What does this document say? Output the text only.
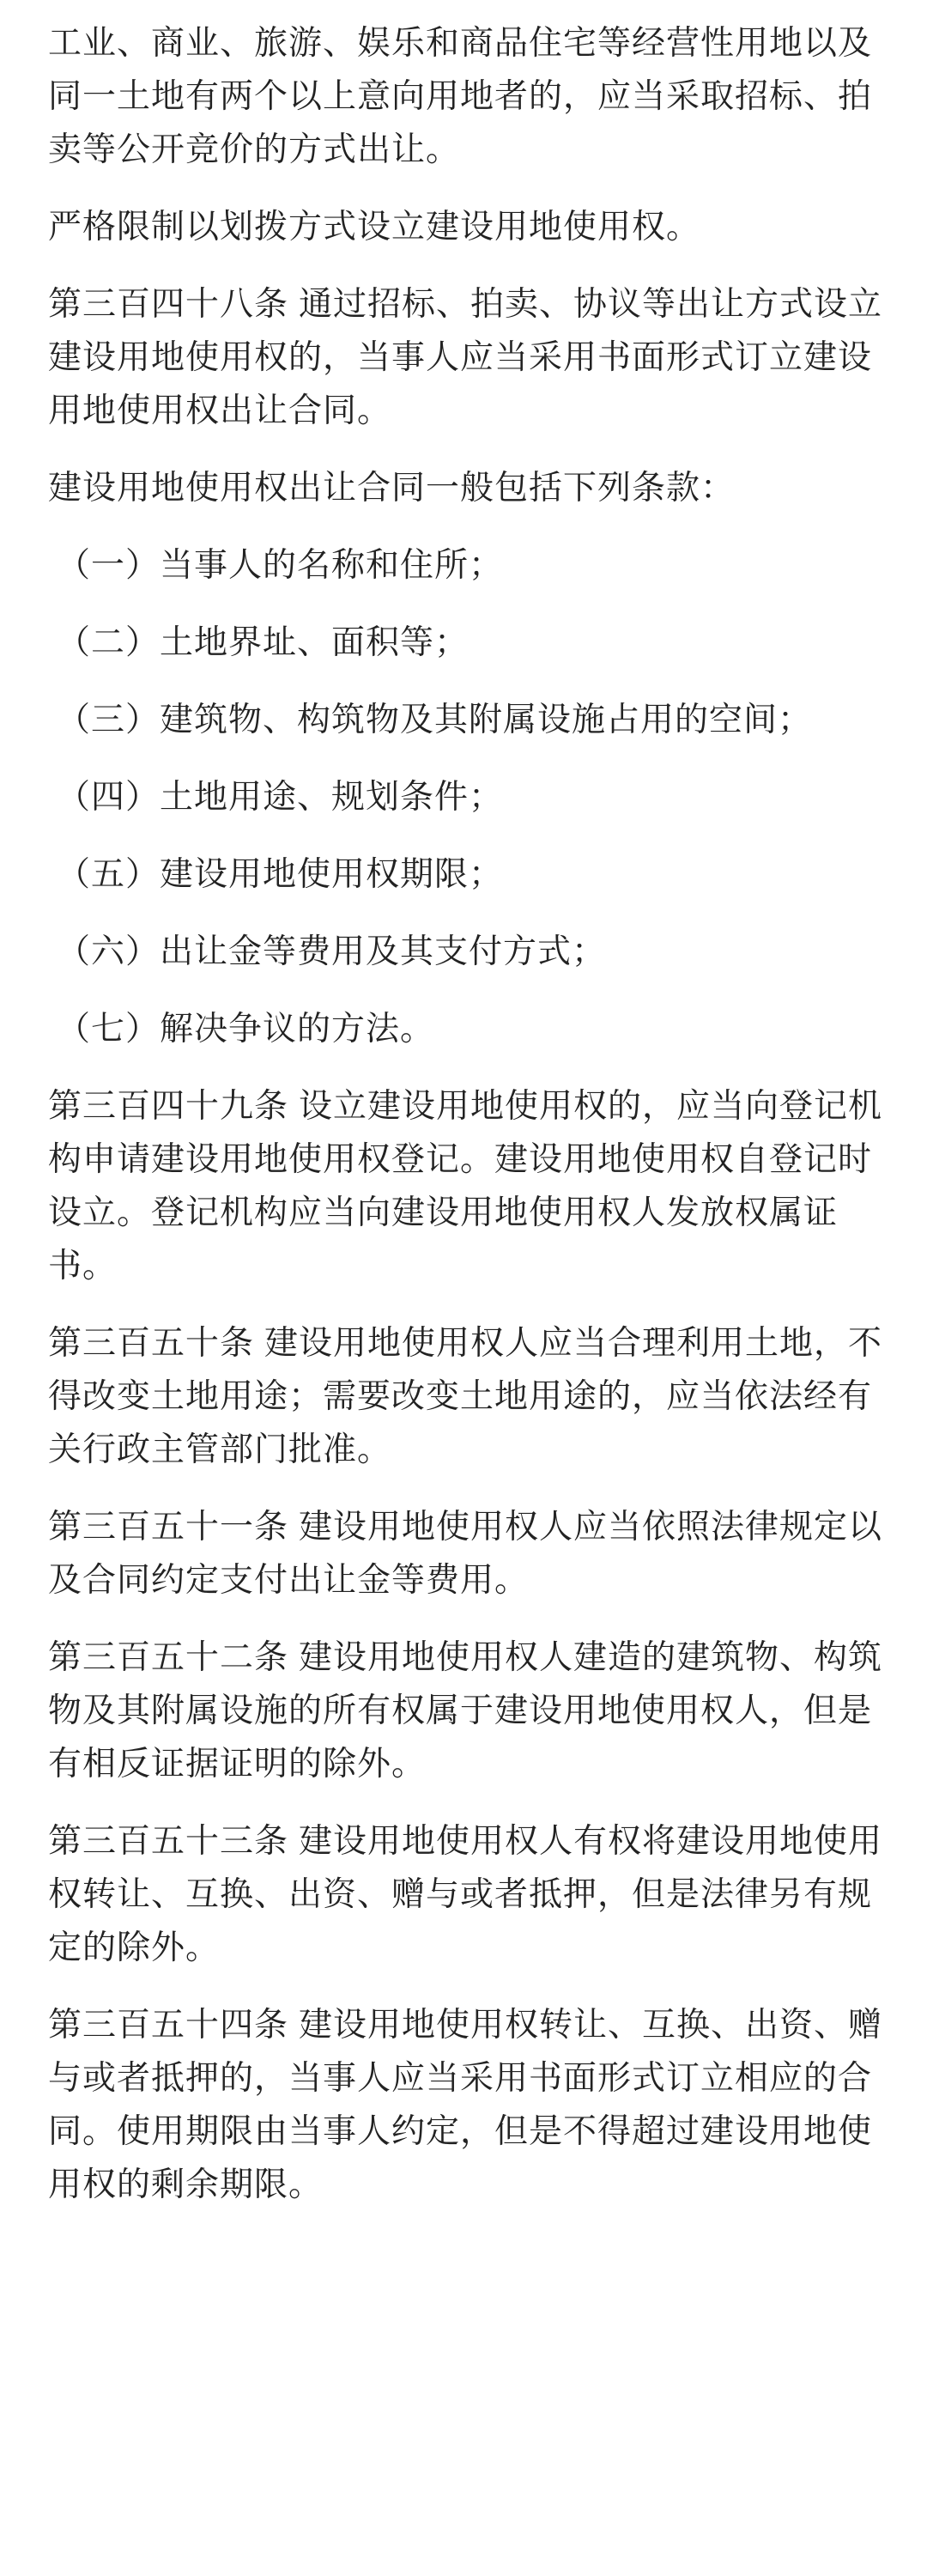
工业、商业、旅游、娱乐和商品住宅等经营性用地以及同一土地有两个以上意向用地者的，应当采取招标、拍卖等公开竞价的方式出让。

严格限制以划拨方式设立建设用地使用权。

第三百四十八条 通过招标、拍卖、协议等出让方式设立建设用地使用权的，当事人应当采用书面形式订立建设用地使用权出让合同。

建设用地使用权出让合同一般包括下列条款：

（一）当事人的名称和住所；

（二）土地界址、面积等；

（三）建筑物、构筑物及其附属设施占用的空间；

（四）土地用途、规划条件；

（五）建设用地使用权期限；

（六）出让金等费用及其支付方式；

（七）解决争议的方法。

第三百四十九条 设立建设用地使用权的，应当向登记机构申请建设用地使用权登记。建设用地使用权自登记时设立。登记机构应当向建设用地使用权人发放权属证书。

第三百五十条 建设用地使用权人应当合理利用土地，不得改变土地用途；需要改变土地用途的，应当依法经有关行政主管部门批准。

第三百五十一条 建设用地使用权人应当依照法律规定以及合同约定支付出让金等费用。

第三百五十二条 建设用地使用权人建造的建筑物、构筑物及其附属设施的所有权属于建设用地使用权人，但是有相反证据证明的除外。

第三百五十三条 建设用地使用权人有权将建设用地使用权转让、互换、出资、赠与或者抵押，但是法律另有规定的除外。

第三百五十四条 建设用地使用权转让、互换、出资、赠与或者抵押的，当事人应当采用书面形式订立相应的合同。使用期限由当事人约定，但是不得超过建设用地使用权的剩余期限。
